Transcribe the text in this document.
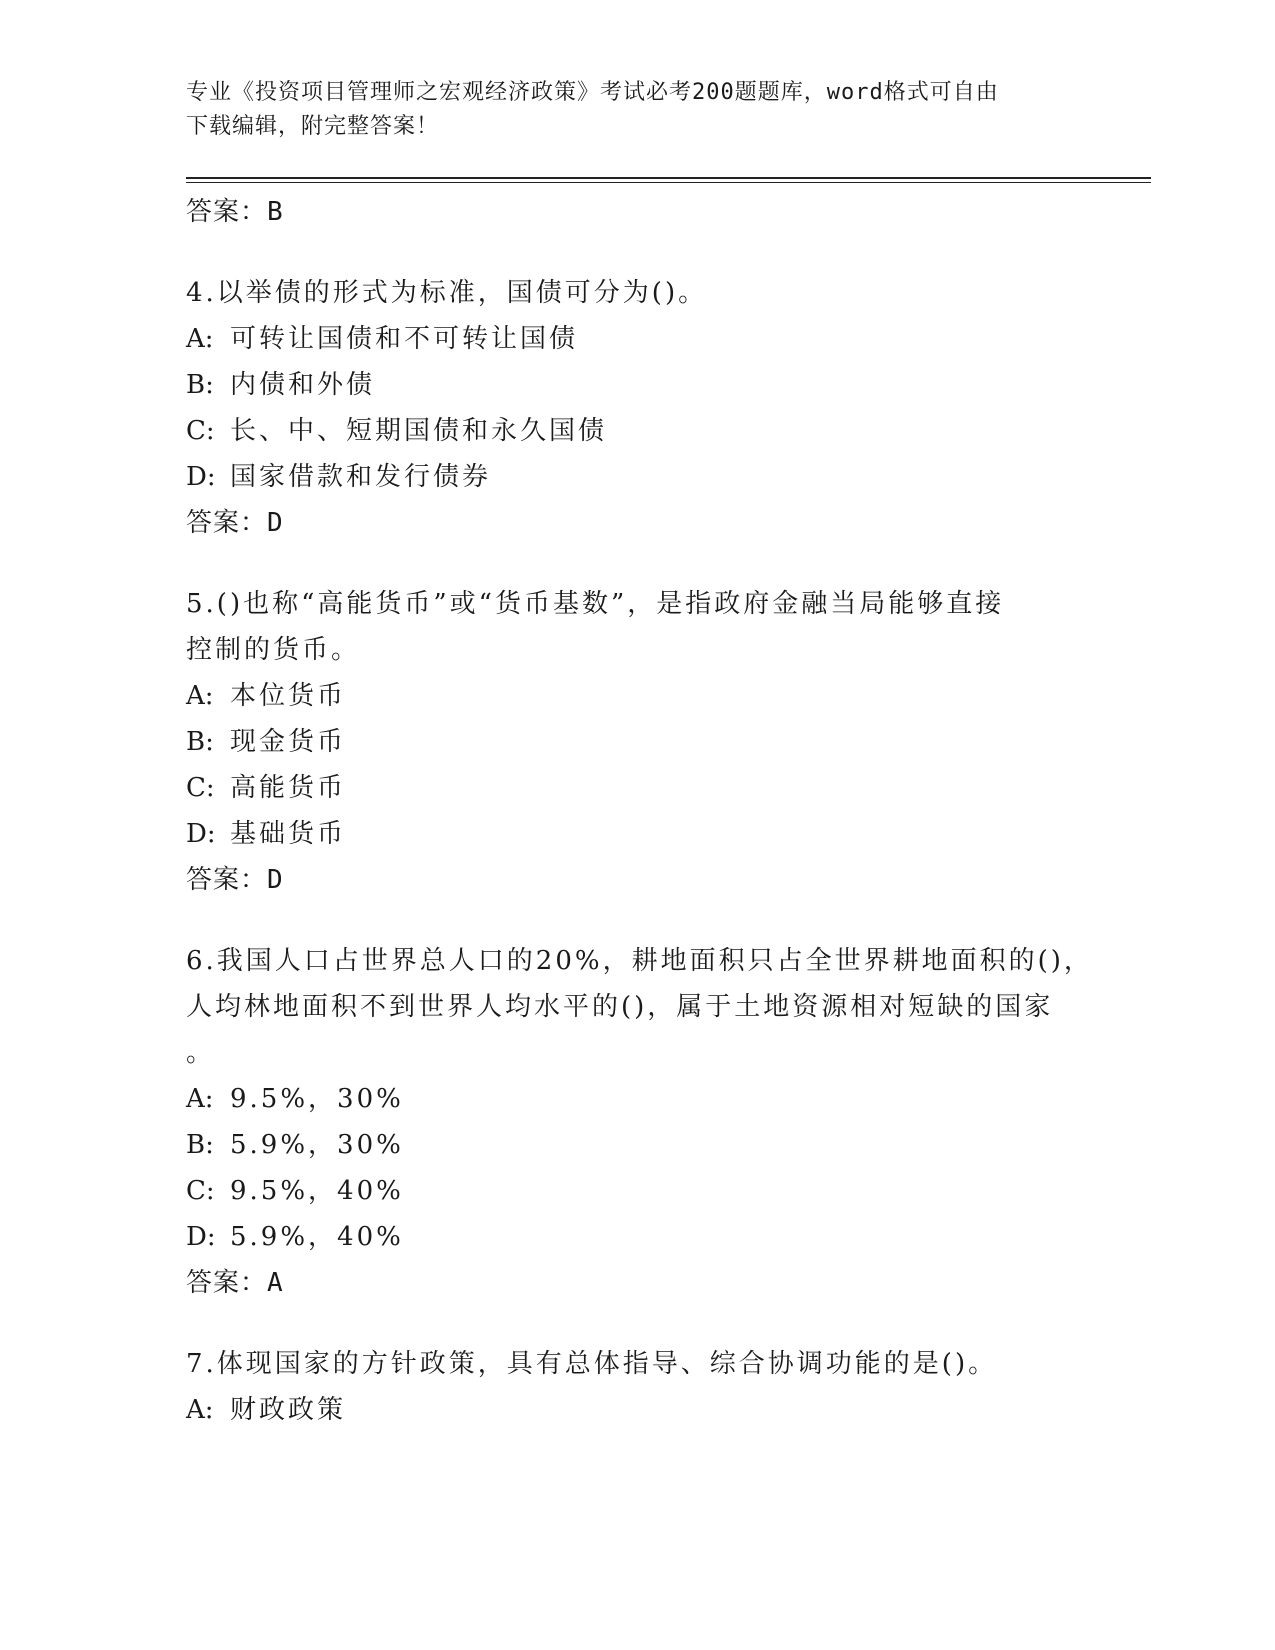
专业《投资项目管理师之宏观经济政策》考试必考200题题库，word格式可自由
下载编辑，附完整答案！
答案：B
4.以举债的形式为标准，国债可分为()。
A: 可转让国债和不可转让国债
B: 内债和外债
C: 长、中、短期国债和永久国债
D: 国家借款和发行债券
答案：D
5.()也称“高能货币”或“货币基数”，是指政府金融当局能够直接
控制的货币。
A: 本位货币
B: 现金货币
C: 高能货币
D: 基础货币
答案：D
6.我国人口占世界总人口的20%，耕地面积只占全世界耕地面积的()，
人均林地面积不到世界人均水平的()，属于土地资源相对短缺的国家
。
A: 9.5%，30%
B: 5.9%，30%
C: 9.5%，40%
D: 5.9%，40%
答案：A
7.体现国家的方针政策，具有总体指导、综合协调功能的是()。
A: 财政政策
